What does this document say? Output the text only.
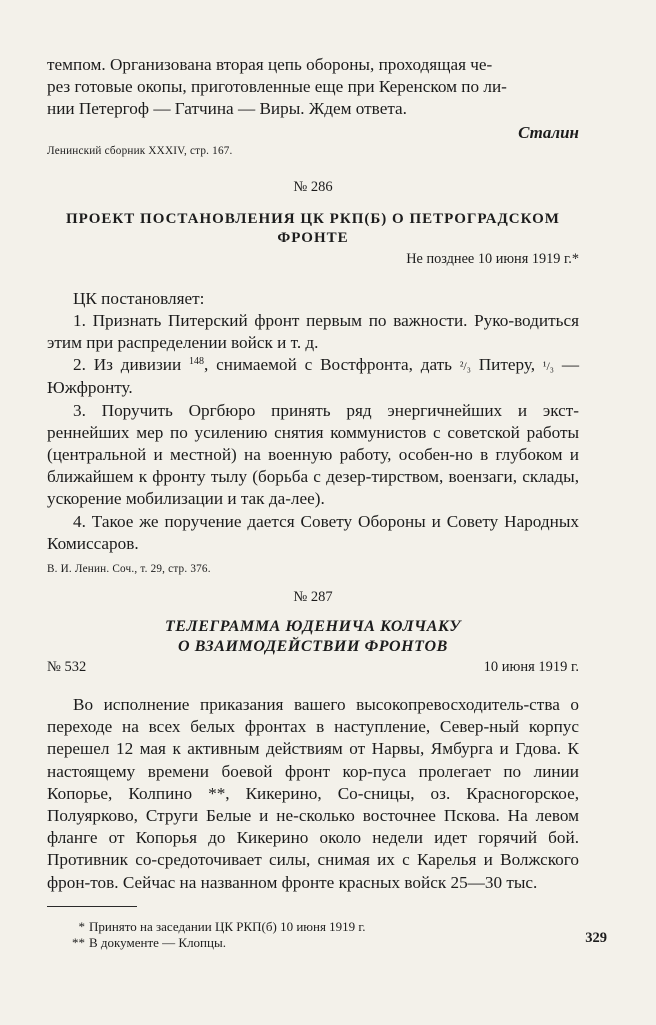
темпом. Организована вторая цепь обороны, проходящая че-
рез готовые окопы, приготовленные еще при Керенском по ли-
нии Петергоф — Гатчина — Виры. Ждем ответа.

Сталин

Ленинский сборник XXXIV, стр. 167.

№ 286

ПРОЕКТ ПОСТАНОВЛЕНИЯ ЦК РКП(Б) О ПЕТРОГРАДСКОМ
ФРОНТЕ

Не позднее 10 июня 1919 г.*

ЦК постановляет:

1. Признать Питерский фронт первым по важности. Руко-водиться этим при распределении войск и т. д.

2. Из дивизии $^{148}$, снимаемой с Востфронта, дать ²/₃ Питеру, ¹/₃ — Южфронту.

3. Поручить Оргбюро принять ряд энергичнейших и экст-реннейших мер по усилению снятия коммунистов с советской работы (центральной и местной) на военную работу, особен-но в глубоком и ближайшем к фронту тылу (борьба с дезер-тирством, воензаги, склады, ускорение мобилизации и так да-лее).

4. Такое же поручение дается Совету Обороны и Совету Народных Комиссаров.

В. И. Ленин. Соч., т. 29, стр. 376.

№ 287

ТЕЛЕГРАММА ЮДЕНИЧА КОЛЧАКУ
О ВЗАИМОДЕЙСТВИИ ФРОНТОВ

№ 532	10 июня 1919 г.

Во исполнение приказания вашего высокопревосходитель-ства о переходе на всех белых фронтах в наступление, Север-ный корпус перешел 12 мая к активным действиям от Нарвы, Ямбурга и Гдова. К настоящему времени боевой фронт кор-пуса пролегает по линии Копорье, Колпино **, Кикерино, Со-сницы, оз. Красногорское, Полуярково, Струги Белые и не-сколько восточнее Пскова. На левом фланге от Копорья до Кикерино около недели идет горячий бой. Противник со-средоточивает силы, снимая их с Карелья и Волжского фрон-тов. Сейчас на названном фронте красных войск 25—30 тыс.

* Принято на заседании ЦК РКП(б) 10 июня 1919 г.

** В документе — Клопцы.	329
